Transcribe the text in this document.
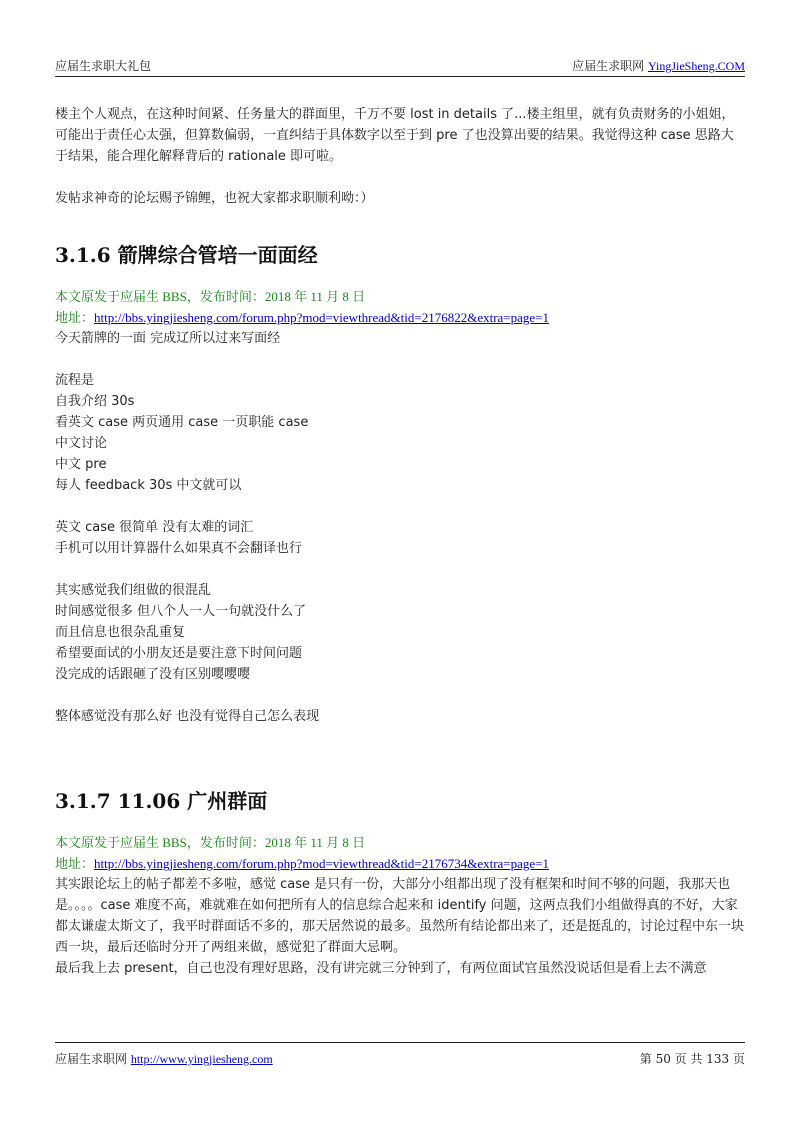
应届生求职大礼包	应届生求职网 YingJieSheng.COM

楼主个人观点，在这种时间紧、任务量大的群面里，千万不要 lost in details 了...楼主组里，就有负责财务的小姐姐，可能出于责任心太强，但算数偏弱，一直纠结于具体数字以至于到 pre 了也没算出要的结果。我觉得这种 case 思路大于结果，能合理化解释背后的 rationale 即可啦。

发帖求神奇的论坛赐予锦鲤，也祝大家都求职顺利呦：）

3.1.6 箭牌综合管培一面面经

本文原发于应届生 BBS，发布时间：2018 年 11 月 8 日

地址：http://bbs.yingjiesheng.com/forum.php?mod=viewthread&tid=2176822&extra=page=1

今天箭牌的一面 完成辽所以过来写面经

流程是

自我介绍 30s

看英文 case 两页通用 case 一页职能 case

中文讨论

中文 pre

每人 feedback 30s 中文就可以

英文 case 很简单 没有太难的词汇

手机可以用计算器什么如果真不会翻译也行

其实感觉我们组做的很混乱

时间感觉很多 但八个人一人一句就没什么了

而且信息也很杂乱重复

希望要面试的小朋友还是要注意下时间问题

没完成的话跟砸了没有区别嘤嘤嘤

整体感觉没有那么好 也没有觉得自己怎么表现

3.1.7 11.06 广州群面

本文原发于应届生 BBS，发布时间：2018 年 11 月 8 日

地址：http://bbs.yingjiesheng.com/forum.php?mod=viewthread&tid=2176734&extra=page=1

其实跟论坛上的帖子都差不多啦，感觉 case 是只有一份，大部分小组都出现了没有框架和时间不够的问题，我那天也是。。。。case 难度不高，难就难在如何把所有人的信息综合起来和 identify 问题，这两点我们小组做得真的不好，大家都太谦虚太斯文了，我平时群面话不多的，那天居然说的最多。虽然所有结论都出来了，还是挺乱的，讨论过程中东一块西一块，最后还临时分开了两组来做，感觉犯了群面大忌啊。

最后我上去 present，自己也没有理好思路，没有讲完就三分钟到了，有两位面试官虽然没说话但是看上去不满意

应届生求职网 http://www.yingjiesheng.com	第 50 页 共 133 页
